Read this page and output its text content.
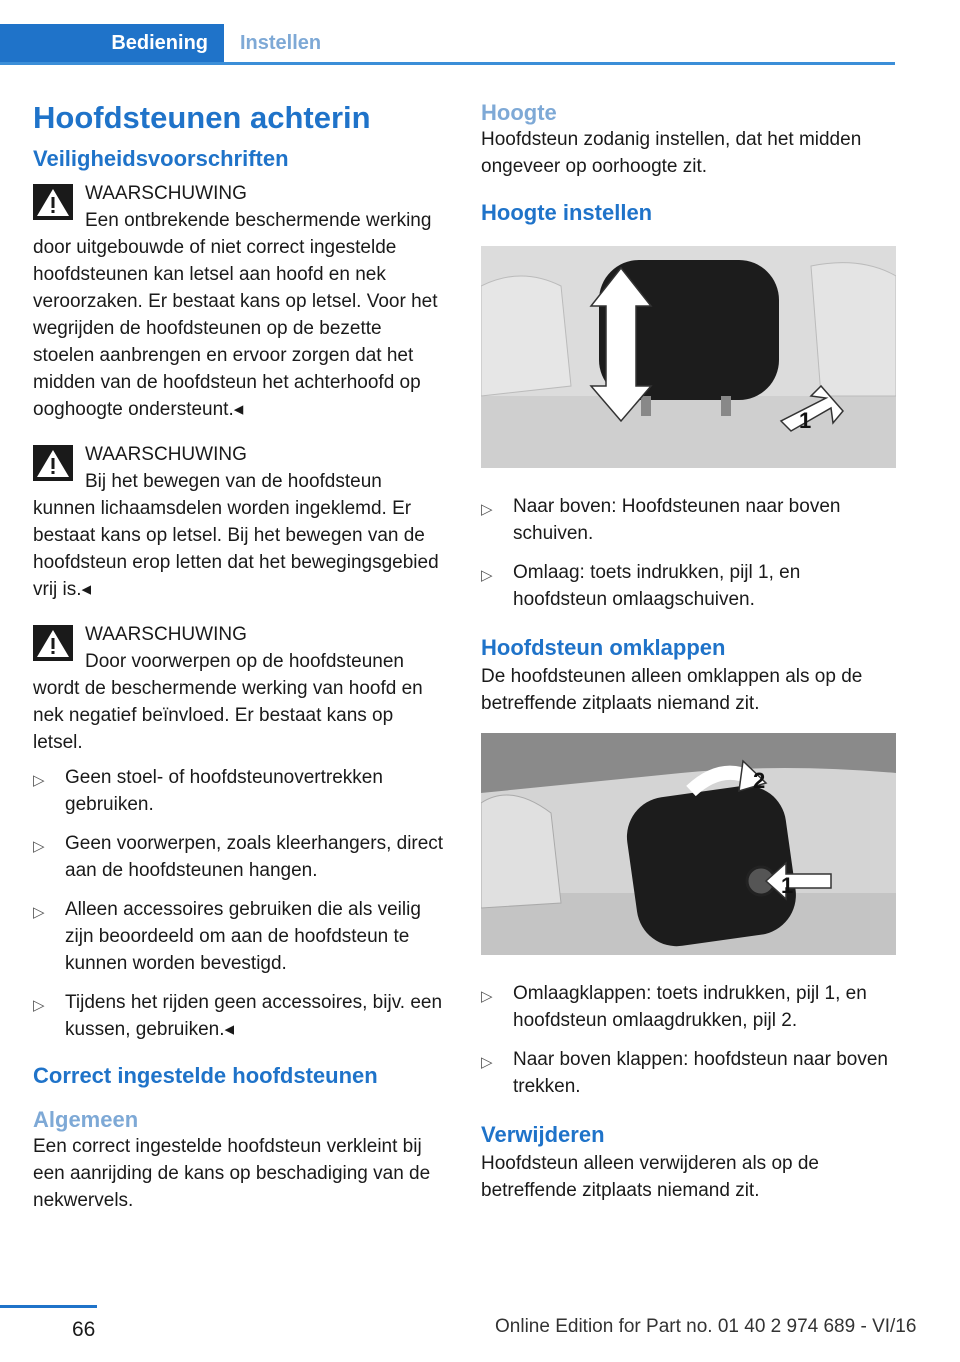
Bediening	Instellen
Hoofdsteunen achterin
Veiligheidsvoorschriften
WAARSCHUWING

Een ontbrekende beschermende werking door uitgebouwde of niet correct ingestelde hoofdsteunen kan letsel aan hoofd en nek veroorzaken. Er bestaat kans op letsel. Voor het wegrijden de hoofdsteunen op de bezette stoelen aanbrengen en ervoor zorgen dat het midden van de hoofdsteun het achterhoofd op ooghoogte ondersteunt.◂

WAARSCHUWING

Bij het bewegen van de hoofdsteun kunnen lichaamsdelen worden ingeklemd. Er bestaat kans op letsel. Bij het bewegen van de hoofdsteun erop letten dat het bewegingsgebied vrij is.◂

WAARSCHUWING

Door voorwerpen op de hoofdsteunen wordt de beschermende werking van hoofd en nek negatief beïnvloed. Er bestaat kans op letsel.

▷ Geen stoel- of hoofdsteunovertrekken gebruiken.
▷ Geen voorwerpen, zoals kleerhangers, direct aan de hoofdsteunen hangen.
▷ Alleen accessoires gebruiken die als veilig zijn beoordeeld om aan de hoofdsteun te kunnen worden bevestigd.
▷ Tijdens het rijden geen accessoires, bijv. een kussen, gebruiken.◂
Correct ingestelde hoofdsteunen
Algemeen

Een correct ingestelde hoofdsteun verkleint bij een aanrijding de kans op beschadiging van de nekwervels.

Hoogte

Hoofdsteun zodanig instellen, dat het midden ongeveer op oorhoogte zit.

Hoogte instellen
1
▷ Naar boven: Hoofdsteunen naar boven schuiven.
▷ Omlaag: toets indrukken, pijl 1, en hoofdsteun omlaagschuiven.
Hoofdsteun omklappen

De hoofdsteunen alleen omklappen als op de betreffende zitplaats niemand zit.

2
1
▷ Omlaagklappen: toets indrukken, pijl 1, en hoofdsteun omlaagdrukken, pijl 2.
▷ Naar boven klappen: hoofdsteun naar boven trekken.
Verwijderen

Hoofdsteun alleen verwijderen als op de betreffende zitplaats niemand zit.

66	Online Edition for Part no. 01 40 2 974 689 - VI/16
